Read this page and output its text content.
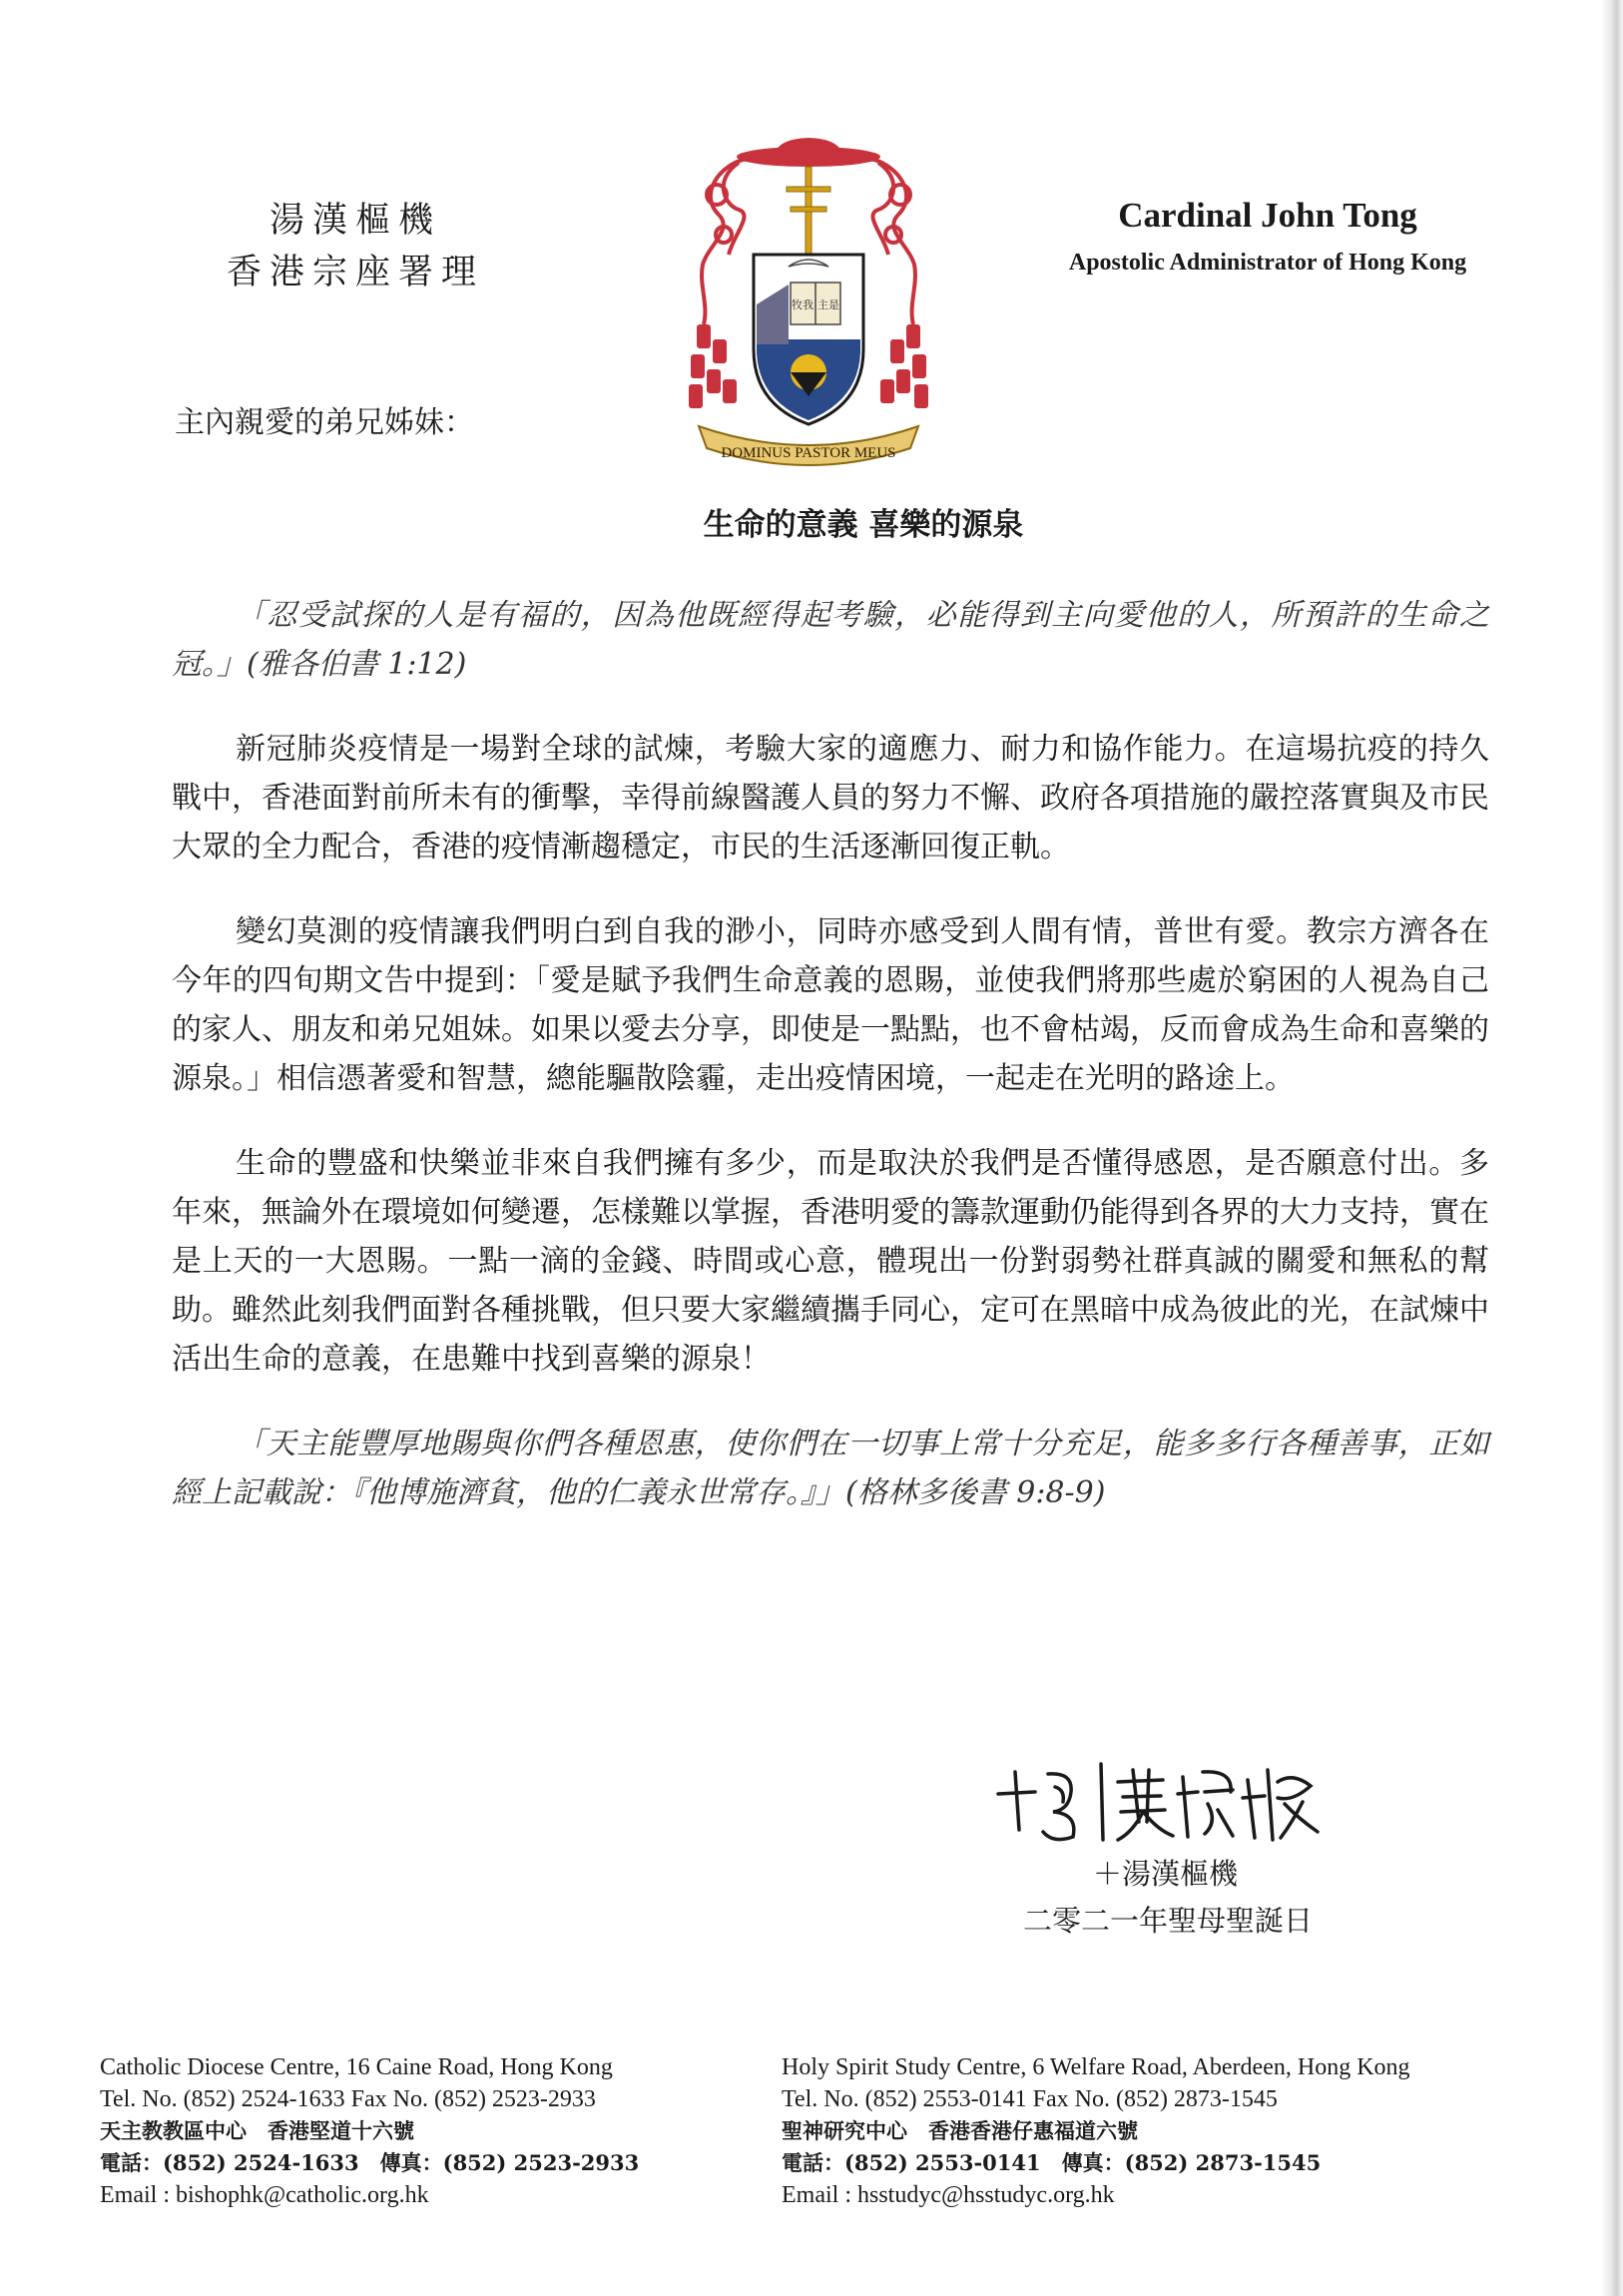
湯漢樞機
香港宗座署理
牧我 主是
DOMINUS PASTOR MEUS
Cardinal John Tong
Apostolic Administrator of Hong Kong
主內親愛的弟兄姊妹：
生命的意義 喜樂的源泉

「忍受試探的人是有福的，因為他既經得起考驗，必能得到主向愛他的人，所預許的生命之冠。」(雅各伯書 1:12)

新冠肺炎疫情是一場對全球的試煉，考驗大家的適應力、耐力和協作能力。在這場抗疫的持久戰中，香港面對前所未有的衝擊，幸得前線醫護人員的努力不懈、政府各項措施的嚴控落實與及市民大眾的全力配合，香港的疫情漸趨穩定，市民的生活逐漸回復正軌。

變幻莫測的疫情讓我們明白到自我的渺小，同時亦感受到人間有情，普世有愛。教宗方濟各在今年的四旬期文告中提到：「愛是賦予我們生命意義的恩賜，並使我們將那些處於窮困的人視為自己的家人、朋友和弟兄姐妹。如果以愛去分享，即使是一點點，也不會枯竭，反而會成為生命和喜樂的源泉。」相信憑著愛和智慧，總能驅散陰霾，走出疫情困境，一起走在光明的路途上。

生命的豐盛和快樂並非來自我們擁有多少，而是取決於我們是否懂得感恩，是否願意付出。多年來，無論外在環境如何變遷，怎樣難以掌握，香港明愛的籌款運動仍能得到各界的大力支持，實在是上天的一大恩賜。一點一滴的金錢、時間或心意，體現出一份對弱勢社群真誠的關愛和無私的幫助。雖然此刻我們面對各種挑戰，但只要大家繼續攜手同心，定可在黑暗中成為彼此的光，在試煉中活出生命的意義，在患難中找到喜樂的源泉！

「天主能豐厚地賜與你們各種恩惠，使你們在一切事上常十分充足，能多多行各種善事，正如經上記載說：『他博施濟貧，他的仁義永世常存。』」(格林多後書 9:8-9)

＋湯漢樞機
二零二一年聖母聖誕日
Catholic Diocese Centre, 16 Caine Road, Hong Kong
Tel. No. (852) 2524-1633 Fax No. (852) 2523-2933
天主教教區中心　香港堅道十六號
電話：(852) 2524-1633　傳真：(852) 2523-2933
Email : bishophk@catholic.org.hk
Holy Spirit Study Centre, 6 Welfare Road, Aberdeen, Hong Kong
Tel. No. (852) 2553-0141 Fax No. (852) 2873-1545
聖神研究中心　香港香港仔惠福道六號
電話：(852) 2553-0141　傳真：(852) 2873-1545
Email : hsstudyc@hsstudyc.org.hk
